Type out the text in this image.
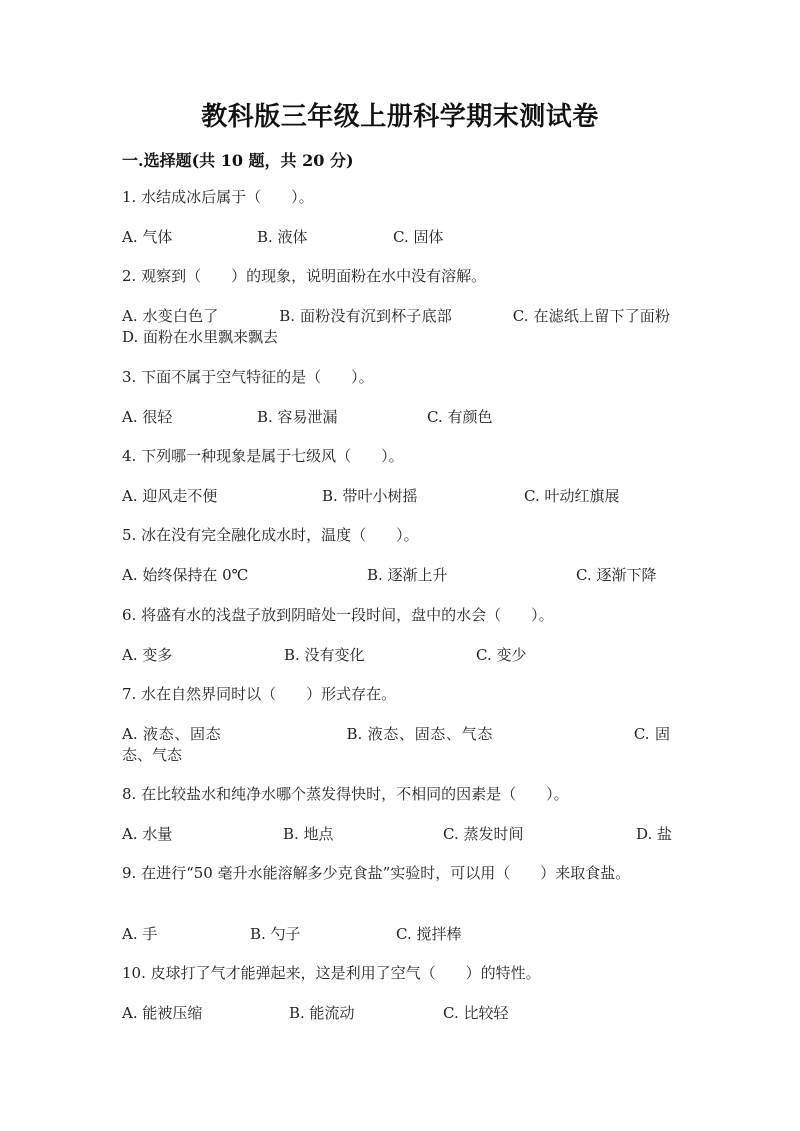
教科版三年级上册科学期末测试卷
一.选择题(共 10 题，共 20 分)
1. 水结成冰后属于（　　）。
A. 气体	B. 液体	C. 固体
2. 观察到（　　）的现象，说明面粉在水中没有溶解。
A. 水变白色了　　　　B. 面粉没有沉到杯子底部　　　　C. 在滤纸上留下了面粉　　　　D. 面粉在水里飘来飘去
3. 下面不属于空气特征的是（　　）。
A. 很轻	B. 容易泄漏	C. 有颜色
4. 下列哪一种现象是属于七级风（　　）。
A. 迎风走不便	B. 带叶小树摇	C. 叶动红旗展
5. 冰在没有完全融化成水时，温度（　　）。
A. 始终保持在 0℃	B. 逐渐上升	C. 逐渐下降
6. 将盛有水的浅盘子放到阴暗处一段时间，盘中的水会（　　）。
A. 变多	B. 没有变化	C. 变少
7. 水在自然界同时以（　　）形式存在。
A. 液态、固态　　　　　　　　B. 液态、固态、气态　　　　　　　　　C. 固态、气态
8. 在比较盐水和纯净水哪个蒸发得快时，不相同的因素是（　　）。
A. 水量	B. 地点	C. 蒸发时间	D. 盐
9. 在进行“50 毫升水能溶解多少克食盐”实验时，可以用（　　）来取食盐。
A. 手	B. 勺子	C. 搅拌棒
10. 皮球打了气才能弹起来，这是利用了空气（　　）的特性。
A. 能被压缩	B. 能流动	C. 比较轻
